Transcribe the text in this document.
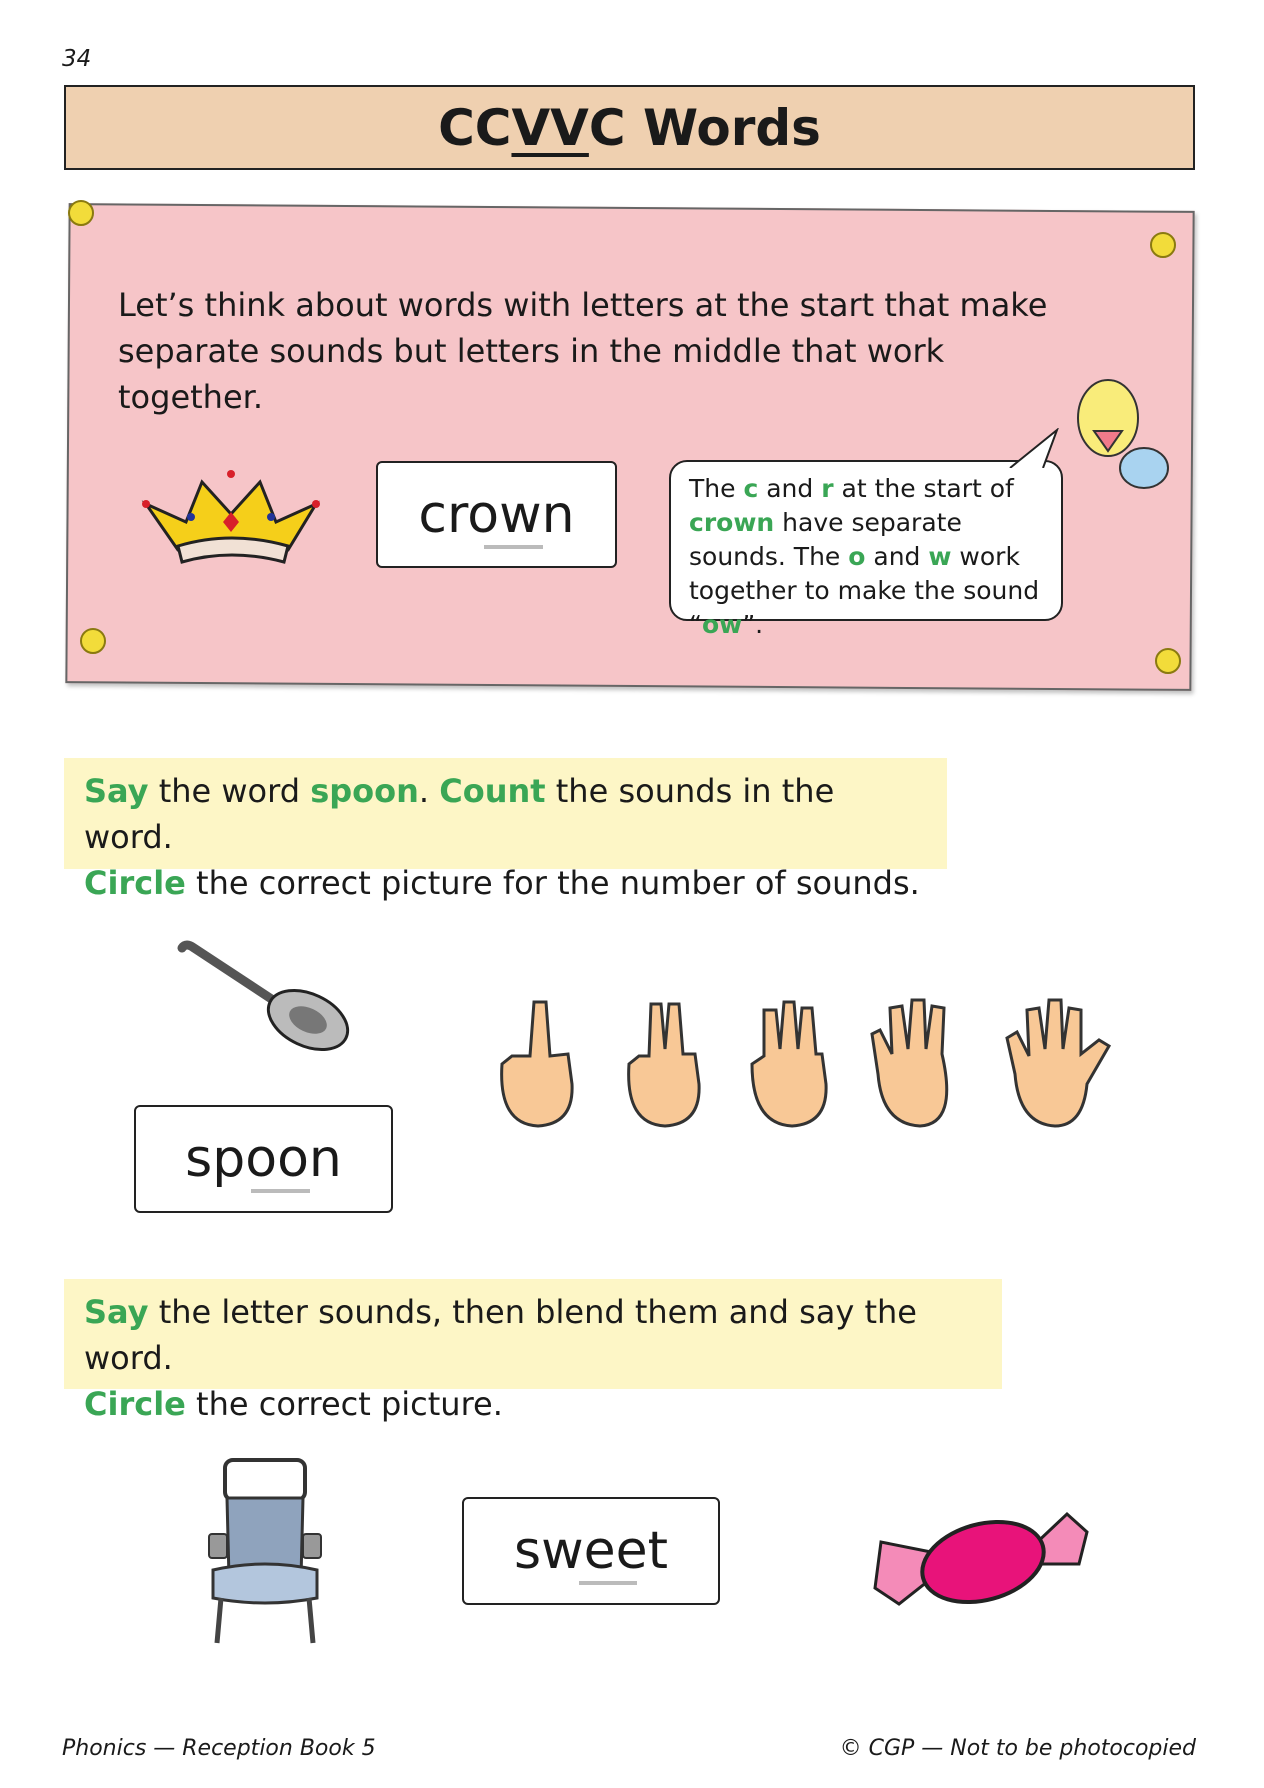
34
CC VV C Words
Let’s think about words with letters at the start that make
separate sounds but letters in the middle that work together.
crown	The c and r at the start of crown have separate sounds. The o and w work together to make the sound “ow”.
Say the word spoon. Count the sounds in the word.
Circle the correct picture for the number of sounds.
spoon
Say the letter sounds, then blend them and say the word.
Circle the correct picture.
sweet
Phonics — Reception Book 5	© CGP — Not to be photocopied
